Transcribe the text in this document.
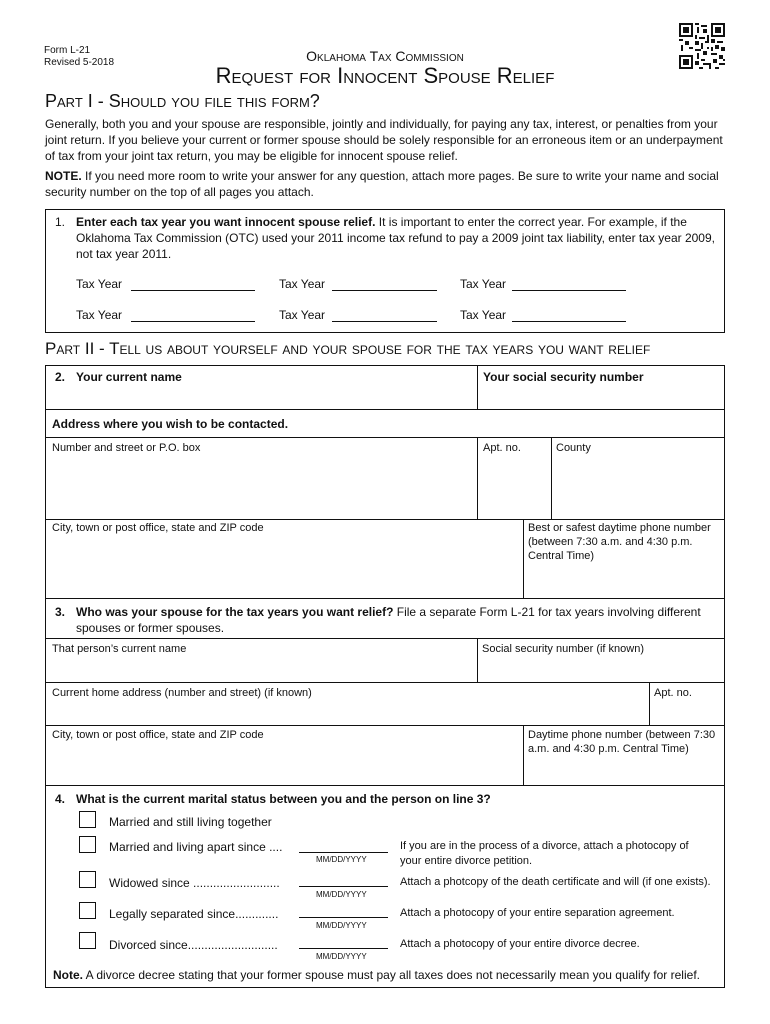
Form L-21
Revised 5-2018	Oklahoma Tax Commission
Request for Innocent Spouse Relief
Part I - Should you file this form?
Generally, both you and your spouse are responsible, jointly and individually, for paying any tax, interest, or penalties from your joint return. If you believe your current or former spouse should be solely responsible for an erroneous item or an underpayment of tax from your joint tax return, you may be eligible for innocent spouse relief.
NOTE. If you need more room to write your answer for any question, attach more pages. Be sure to write your name and social security number on the top of all pages you attach.
1. Enter each tax year you want innocent spouse relief. It is important to enter the correct year. For example, if the Oklahoma Tax Commission (OTC) used your 2011 income tax refund to pay a 2009 joint tax liability, enter tax year 2009, not tax year 2011.
Tax Year	Tax Year	Tax Year
Tax Year	Tax Year	Tax Year
Part II - Tell us about yourself and your spouse for the tax years you want relief
2. Your current name	Your social security number
Address where you wish to be contacted.
Number and street or P.O. box	Apt. no.	County
City, town or post office, state and ZIP code	Best or safest daytime phone number (between 7:30 a.m. and 4:30 p.m. Central Time)
3. Who was your spouse for the tax years you want relief? File a separate Form L-21 for tax years involving different spouses or former spouses.
That person’s current name	Social security number (if known)
Current home address (number and street) (if known)	Apt. no.
City, town or post office, state and ZIP code	Daytime phone number (between 7:30 a.m. and 4:30 p.m. Central Time)
4. What is the current marital status between you and the person on line 3?
Married and still living together
Married and living apart since ....
MM/DD/YYYY
If you are in the process of a divorce, attach a photocopy of your entire divorce petition.
Widowed since ..........................
MM/DD/YYYY
Attach a photcopy of the death certificate and will (if one exists).
Legally separated since.............
MM/DD/YYYY
Attach a photocopy of your entire separation agreement.
Divorced since...........................
MM/DD/YYYY
Attach a photocopy of your entire divorce decree.
Note. A divorce decree stating that your former spouse must pay all taxes does not necessarily mean you qualify for relief.
